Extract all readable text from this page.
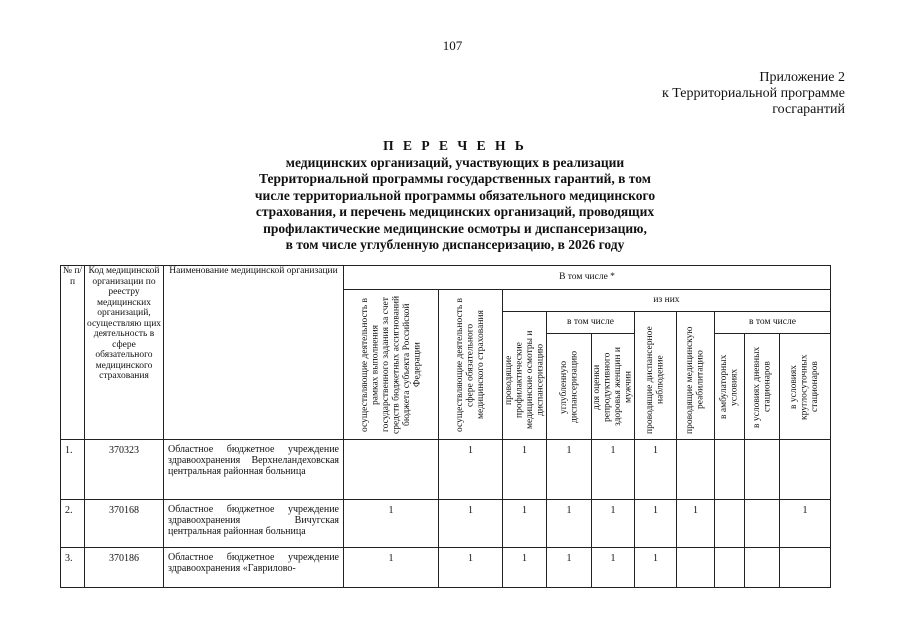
107
Приложение 2
к Территориальной программе
госгарантий
П Е Р Е Ч Е Н Ь
медицинских организаций, участвующих в реализации
Территориальной программы государственных гарантий, в том
числе территориальной программы обязательного медицинского
страхования, и перечень медицинских организаций, проводящих
профилактические медицинские осмотры и диспансеризацию,
в том числе углубленную диспансеризацию, в 2026 году
№ п/п	Код медицинской организации по реестру медицинских организаций, осуществляю щих деятельность в сфере обязательного медицинского страхования	Наименование медицинской организации	В том числе *									

			осуществляющие деятельность в рамках выполнения государственного задания за счет средств бюджетных ассигнований бюджета субъекта Российской Федерации	осуществляющие деятельность в сфере обязательного медицинского страхования	из них							

					проводящие профилактические медицинские осмотры и диспансеризацию	в том числе		проводящие диспансерное наблюдение	проводящие медицинскую реабилитацию	в том числе		

						углубленную диспансеризацию	для оценки репродуктивного здоровья женщин и мужчин			в амбулаторных условиях	в условиях дневных стационаров	в условиях круглосуточных стационаров

1.	370323	Областное бюджетное учреждение здравоохранения Верхнеландеховская центральная районная больница		1	1	1	1	1				
2.	370168	Областное бюджетное учреждение здравоохранения Вичугская центральная районная больница	1	1	1	1	1	1	1			1
3.	370186	Областное бюджетное учреждение здравоохранения «Гаврилово-	1	1	1	1	1	1				
